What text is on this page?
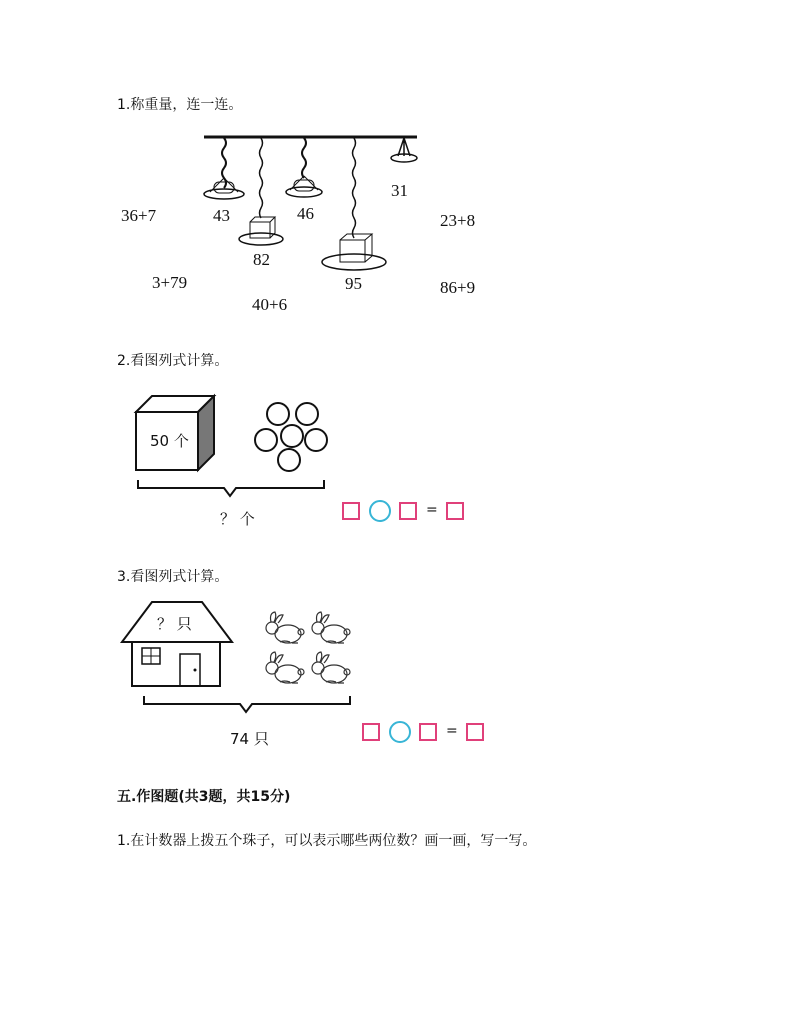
1.称重量，连一连。
43	46
31
82
95
36+7	23+8
3+79
40+6
86+9
2.看图列式计算。
50 个
？ 个	=
3.看图列式计算。
？ 只
74 只	=
五.作图题(共3题，共15分)
1.在计数器上拨五个珠子，可以表示哪些两位数？画一画，写一写。
